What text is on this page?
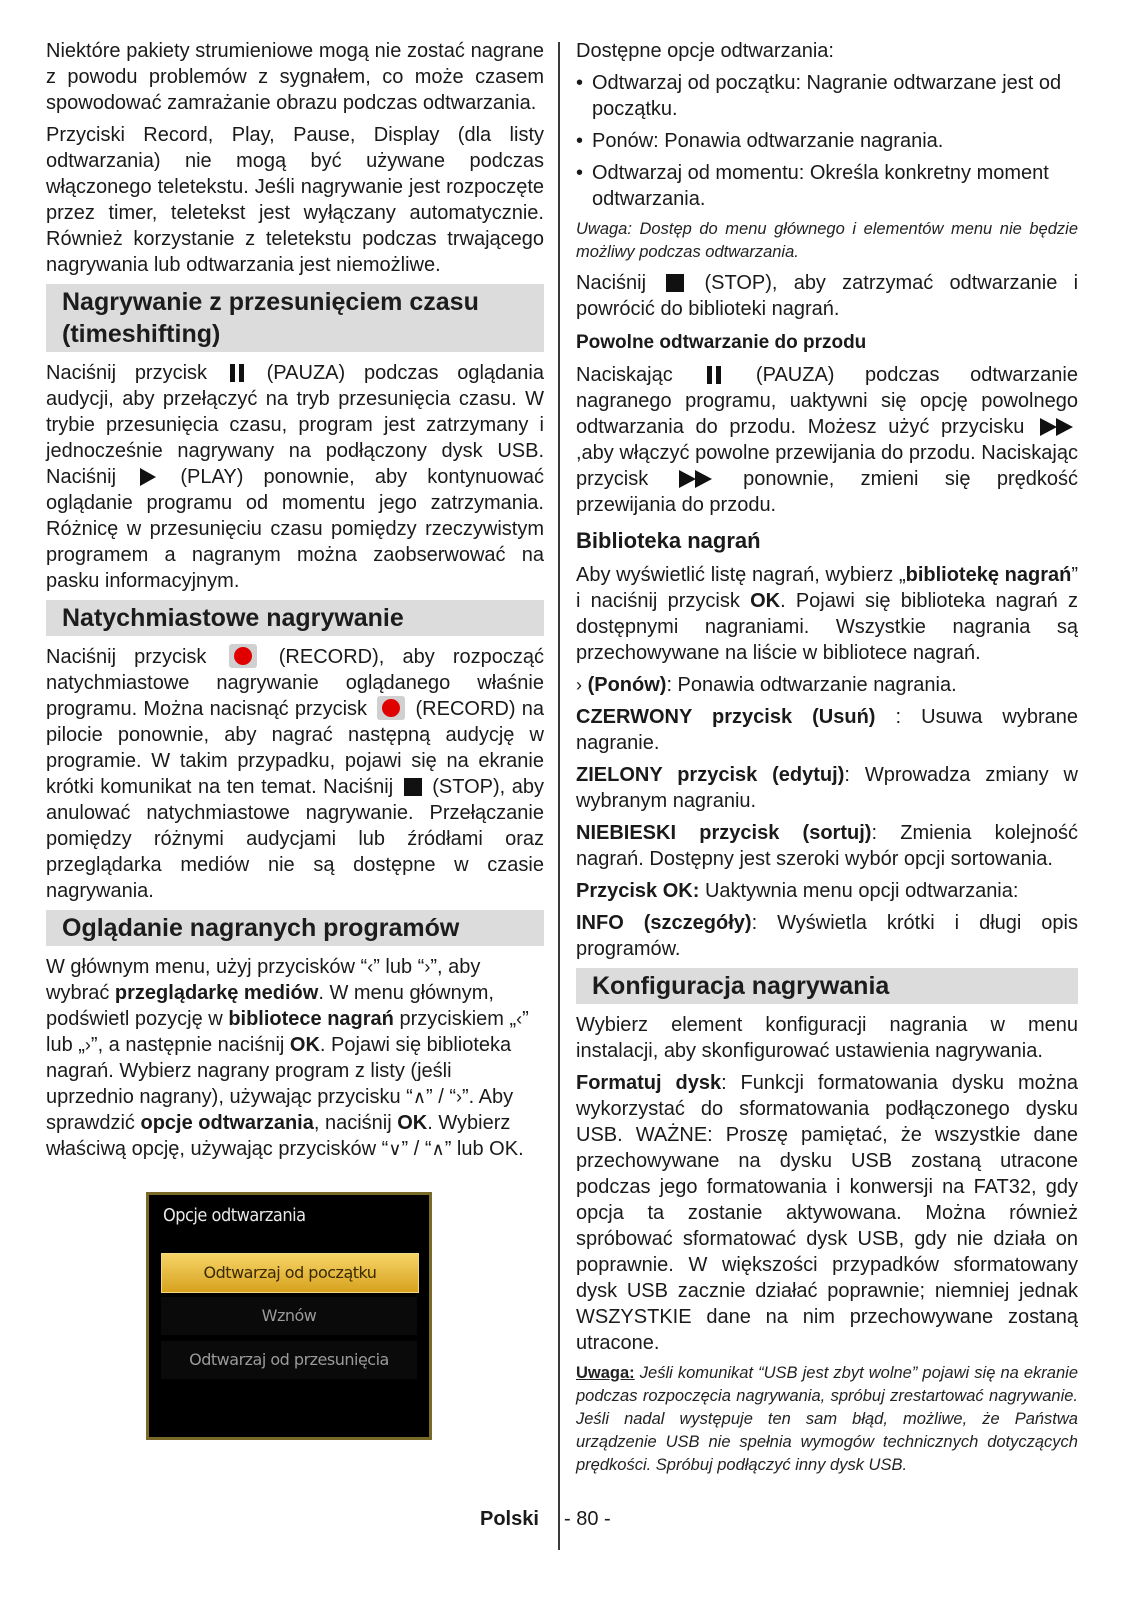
Niektóre pakiety strumieniowe mogą nie zostać nagrane z powodu problemów z sygnałem, co może czasem spowodować zamrażanie obrazu podczas odtwarzania.

Przyciski Record, Play, Pause, Display (dla listy odtwarzania) nie mogą być używane podczas włączonego teletekstu. Jeśli nagrywanie jest rozpoczęte przez timer, teletekst jest wyłączany automatycznie. Również korzystanie z teletekstu podczas trwającego nagrywania lub odtwarzania jest niemożliwe.

Nagrywanie z przesunięciem czasu (timeshifting)

Naciśnij przycisk	(PAUZA) podczas oglądania audycji, aby przełączyć na tryb przesunięcia czasu. W trybie przesunięcia czasu, program jest zatrzymany i jednocześnie nagrywany na podłączony dysk USB. Naciśnij	(PLAY) ponownie, aby kontynuować oglądanie programu od momentu jego zatrzymania. Różnicę w przesunięciu czasu pomiędzy rzeczywistym programem a nagranym można zaobserwować na pasku informacyjnym.

Natychmiastowe nagrywanie

Naciśnij przycisk	(RECORD), aby rozpocząć natychmiastowe nagrywanie oglądanego właśnie programu. Można nacisnąć przycisk (RECORD) na pilocie ponownie, aby nagrać następną audycję w programie. W takim przypadku, pojawi się na ekranie krótki komunikat na ten temat. Naciśnij (STOP), aby anulować natychmiastowe nagrywanie. Przełączanie pomiędzy różnymi audycjami lub źródłami oraz przeglądarka mediów nie są dostępne w czasie nagrywania.

Oglądanie nagranych programów

W głównym menu, użyj przycisków “‹” lub “›”, aby wybrać przeglądarkę mediów. W menu głównym, podświetl pozycję w bibliotece nagrań przyciskiem „‹” lub „›”, a następnie naciśnij OK. Pojawi się biblioteka nagrań. Wybierz nagrany program z listy (jeśli uprzednio nagrany), używając przycisku “∧” / “›”. Aby sprawdzić opcje odtwarzania, naciśnij OK. Wybierz właściwą opcję, używając przycisków “∨” / “∧” lub OK.

Opcje odtwarzania
Odtwarzaj od początku
Wznów
Odtwarzaj od przesunięcia

Dostępne opcje odtwarzania:

• Odtwarzaj od początku: Nagranie odtwarzane jest od początku.
• Ponów: Ponawia odtwarzanie nagrania.
• Odtwarzaj od momentu: Określa konkretny moment odtwarzania.

Uwaga: Dostęp do menu głównego i elementów menu nie będzie możliwy podczas odtwarzania.

Naciśnij	(STOP), aby zatrzymać odtwarzanie i powrócić do biblioteki nagrań.

Powolne odtwarzanie do przodu

Naciskając	(PAUZA) podczas odtwarzanie nagranego programu, uaktywni się opcję powolnego odtwarzania do przodu. Możesz użyć przycisku ,aby włączyć powolne przewijania do przodu. Naciskając przycisk	ponownie, zmieni się prędkość przewijania do przodu.

Biblioteka nagrań

Aby wyświetlić listę nagrań, wybierz „bibliotekę nagrań” i naciśnij przycisk OK. Pojawi się biblioteka nagrań z dostępnymi nagraniami. Wszystkie nagrania są przechowywane na liście w bibliotece nagrań.

› (Ponów): Ponawia odtwarzanie nagrania.

CZERWONY przycisk (Usuń) : Usuwa wybrane nagranie.

ZIELONY przycisk (edytuj): Wprowadza zmiany w wybranym nagraniu.

NIEBIESKI przycisk (sortuj): Zmienia kolejność nagrań. Dostępny jest szeroki wybór opcji sortowania.

Przycisk OK: Uaktywnia menu opcji odtwarzania:

INFO (szczegóły): Wyświetla krótki i długi opis programów.

Konfiguracja nagrywania

Wybierz element konfiguracji nagrania w menu instalacji, aby skonfigurować ustawienia nagrywania.

Formatuj dysk: Funkcji formatowania dysku można wykorzystać do sformatowania podłączonego dysku USB. WAŻNE: Proszę pamiętać, że wszystkie dane przechowywane na dysku USB zostaną utracone podczas jego formatowania i konwersji na FAT32, gdy opcja ta zostanie aktywowana. Można również spróbować sformatować dysk USB, gdy nie działa on poprawnie. W większości przypadków sformatowany dysk USB zacznie działać poprawnie; niemniej jednak WSZYSTKIE dane na nim przechowywane zostaną utracone.

Uwaga: Jeśli komunikat “USB jest zbyt wolne” pojawi się na ekranie podczas rozpoczęcia nagrywania, spróbuj zrestartować nagrywanie. Jeśli nadal występuje ten sam błąd, możliwe, że Państwa urządzenie USB nie spełnia wymogów technicznych dotyczących prędkości. Spróbuj podłączyć inny dysk USB.

Polski - 80 -
